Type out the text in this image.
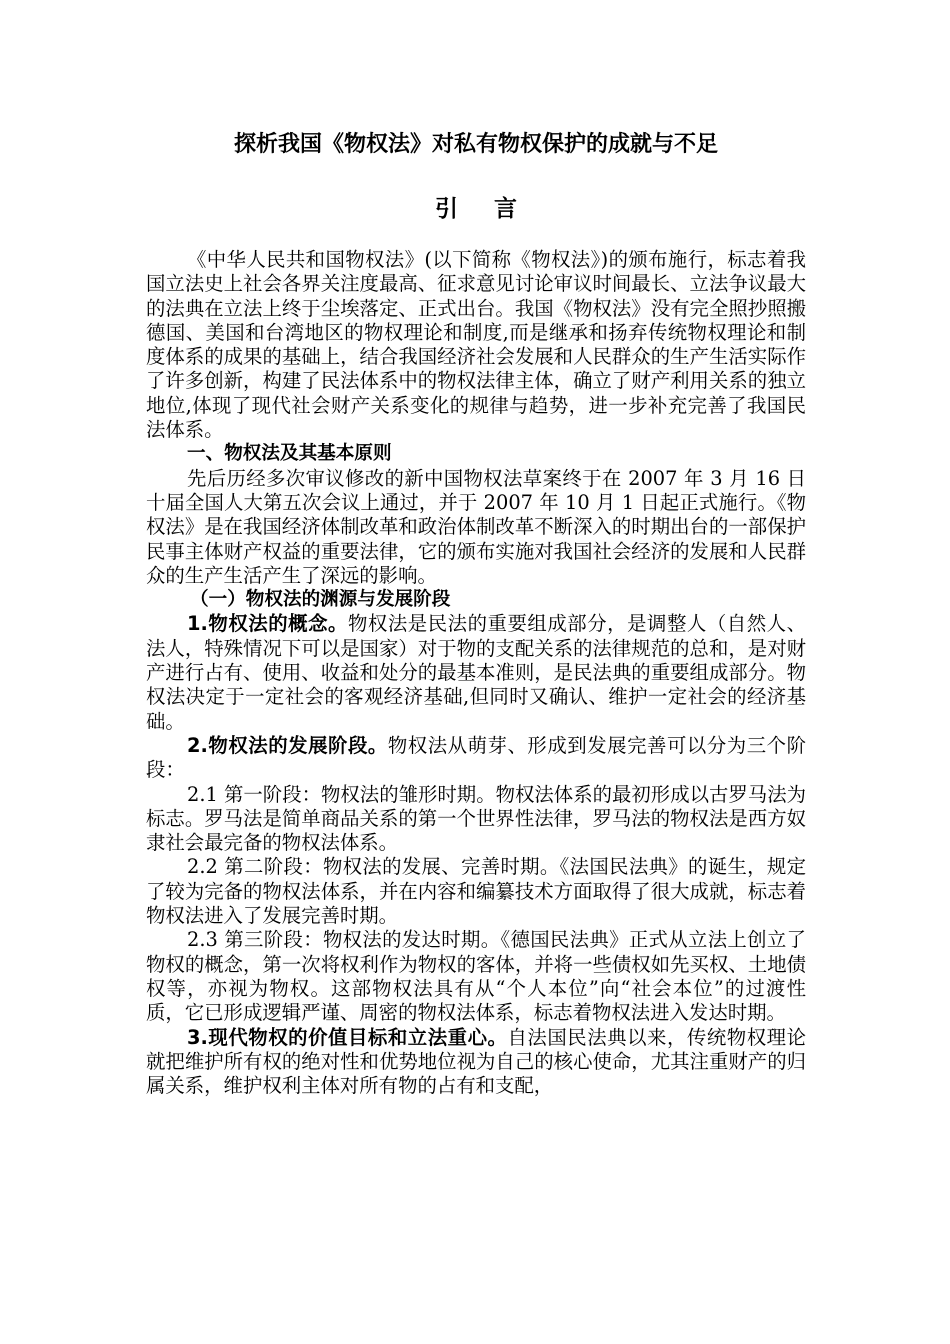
探析我国《物权法》对私有物权保护的成就与不足
引 言

《中华人民共和国物权法》(以下简称《物权法》)的颁布施行，标志着我国立法史上社会各界关注度最高、征求意见讨论审议时间最长、立法争议最大的法典在立法上终于尘埃落定、正式出台。我国《物权法》没有完全照抄照搬德国、美国和台湾地区的物权理论和制度,而是继承和扬弃传统物权理论和制度体系的成果的基础上，结合我国经济社会发展和人民群众的生产生活实际作了许多创新，构建了民法体系中的物权法律主体，确立了财产利用关系的独立地位,体现了现代社会财产关系变化的规律与趋势，进一步补充完善了我国民法体系。

一、物权法及其基本原则

先后历经多次审议修改的新中国物权法草案终于在 2007 年 3 月 16 日十届全国人大第五次会议上通过，并于 2007 年 10 月 1 日起正式施行。《物权法》是在我国经济体制改革和政治体制改革不断深入的时期出台的一部保护民事主体财产权益的重要法律，它的颁布实施对我国社会经济的发展和人民群众的生产生活产生了深远的影响。

（一）物权法的渊源与发展阶段

1.物权法的概念。物权法是民法的重要组成部分，是调整人（自然人、法人，特殊情况下可以是国家）对于物的支配关系的法律规范的总和，是对财产进行占有、使用、收益和处分的最基本准则，是民法典的重要组成部分。物权法决定于一定社会的客观经济基础,但同时又确认、维护一定社会的经济基础。

2.物权法的发展阶段。物权法从萌芽、形成到发展完善可以分为三个阶段：

2.1 第一阶段：物权法的雏形时期。物权法体系的最初形成以古罗马法为标志。罗马法是简单商品关系的第一个世界性法律，罗马法的物权法是西方奴隶社会最完备的物权法体系。

2.2 第二阶段：物权法的发展、完善时期。《法国民法典》的诞生，规定了较为完备的物权法体系，并在内容和编纂技术方面取得了很大成就，标志着物权法进入了发展完善时期。

2.3 第三阶段：物权法的发达时期。《德国民法典》正式从立法上创立了物权的概念，第一次将权利作为物权的客体，并将一些债权如先买权、土地债权等，亦视为物权。这部物权法具有从“个人本位”向“社会本位”的过渡性质，它已形成逻辑严谨、周密的物权法体系，标志着物权法进入发达时期。

3.现代物权的价值目标和立法重心。自法国民法典以来，传统物权理论就把维护所有权的绝对性和优势地位视为自己的核心使命，尤其注重财产的归属关系，维护权利主体对所有物的占有和支配，
